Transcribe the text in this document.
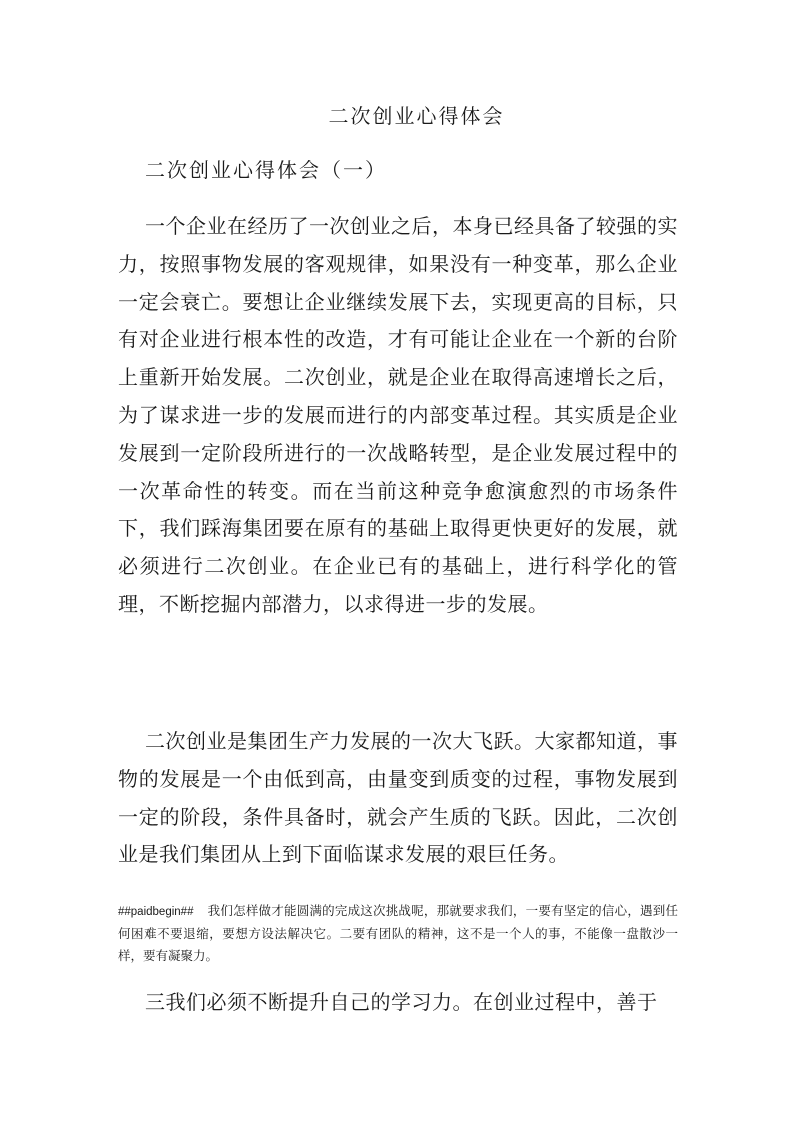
二次创业心得体会
二次创业心得体会（一）

一个企业在经历了一次创业之后，本身已经具备了较强的实力，按照事物发展的客观规律，如果没有一种变革，那么企业一定会衰亡。要想让企业继续发展下去，实现更高的目标，只有对企业进行根本性的改造，才有可能让企业在一个新的台阶上重新开始发展。二次创业，就是企业在取得高速增长之后，为了谋求进一步的发展而进行的内部变革过程。其实质是企业发展到一定阶段所进行的一次战略转型，是企业发展过程中的一次革命性的转变。而在当前这种竞争愈演愈烈的市场条件下，我们踩海集团要在原有的基础上取得更快更好的发展，就必须进行二次创业。在企业已有的基础上，进行科学化的管理，不断挖掘内部潜力，以求得进一步的发展。

二次创业是集团生产力发展的一次大飞跃。大家都知道，事物的发展是一个由低到高，由量变到质变的过程，事物发展到一定的阶段，条件具备时，就会产生质的飞跃。因此，二次创业是我们集团从上到下面临谋求发展的艰巨任务。

##paidbegin## 我们怎样做才能圆满的完成这次挑战呢，那就要求我们，一要有坚定的信心，遇到任何困难不要退缩，要想方设法解决它。二要有团队的精神，这不是一个人的事，不能像一盘散沙一样，要有凝聚力。

三我们必须不断提升自己的学习力。在创业过程中，善于
